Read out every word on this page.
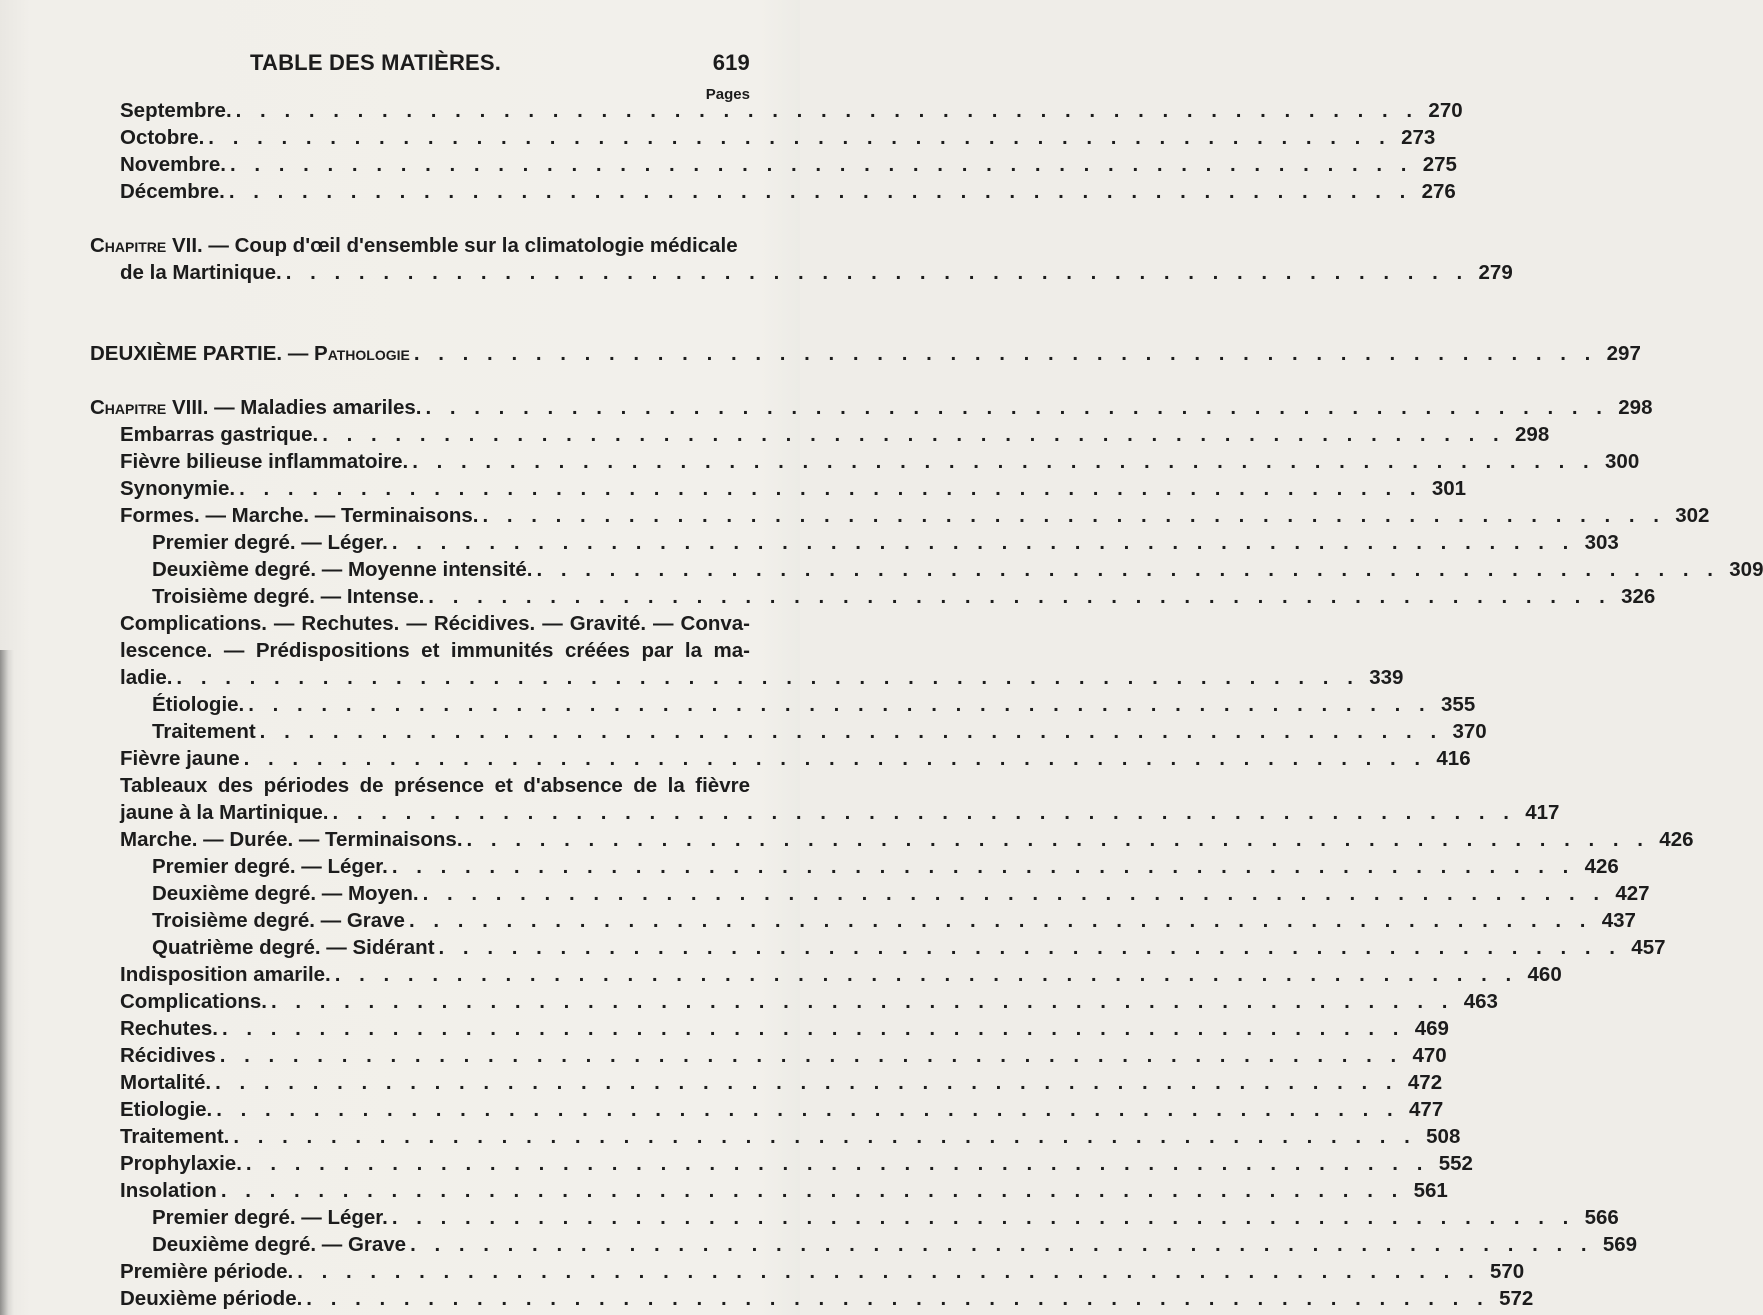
TABLE DES MATIÈRES.	619
Pages
Septembre. . . . . . . . . . . . . . . . . . . . . . . . . . . . . . . . . . . . . . . . . . . . . . . . . . 270
Octobre. . . . . . . . . . . . . . . . . . . . . . . . . . . . . . . . . . . . . . . . . . . . . . . . . . 273
Novembre. . . . . . . . . . . . . . . . . . . . . . . . . . . . . . . . . . . . . . . . . . . . . . . . . . 275
Décembre. . . . . . . . . . . . . . . . . . . . . . . . . . . . . . . . . . . . . . . . . . . . . . . . . . 276
Chapitre VII. — Coup d'œil d'ensemble sur la climatologie médicale
de la Martinique. . . . . . . . . . . . . . . . . . . . . . . . . . . . . . . . . . . . . . . . . . . . . . . . . . 279
DEUXIÈME PARTIE. — Pathologie . . . . . . . . . . . . . . . . . . . . . . . . . . . . . . . . . . . . . . . . . . . . . . . . . 297
Chapitre VIII. — Maladies amariles. . . . . . . . . . . . . . . . . . . . . . . . . . . . . . . . . . . . . . . . . . . . . . . . . . 298
Embarras gastrique. . . . . . . . . . . . . . . . . . . . . . . . . . . . . . . . . . . . . . . . . . . . . . . . . . 298
Fièvre bilieuse inflammatoire. . . . . . . . . . . . . . . . . . . . . . . . . . . . . . . . . . . . . . . . . . . . . . . . . . 300
Synonymie. . . . . . . . . . . . . . . . . . . . . . . . . . . . . . . . . . . . . . . . . . . . . . . . . . 301
Formes. — Marche. — Terminaisons. . . . . . . . . . . . . . . . . . . . . . . . . . . . . . . . . . . . . . . . . . . . . . . . . . 302
Premier degré. — Léger. . . . . . . . . . . . . . . . . . . . . . . . . . . . . . . . . . . . . . . . . . . . . . . . . . 303
Deuxième degré. — Moyenne intensité. . . . . . . . . . . . . . . . . . . . . . . . . . . . . . . . . . . . . . . . . . . . . . . . . . 309
Troisième degré. — Intense. . . . . . . . . . . . . . . . . . . . . . . . . . . . . . . . . . . . . . . . . . . . . . . . . . 326
Complications. — Rechutes. — Récidives. — Gravité. — Conva-
lescence. — Prédispositions et immunités créées par la ma-
ladie. . . . . . . . . . . . . . . . . . . . . . . . . . . . . . . . . . . . . . . . . . . . . . . . . . 339
Étiologie. . . . . . . . . . . . . . . . . . . . . . . . . . . . . . . . . . . . . . . . . . . . . . . . . . 355
Traitement . . . . . . . . . . . . . . . . . . . . . . . . . . . . . . . . . . . . . . . . . . . . . . . . . 370
Fièvre jaune . . . . . . . . . . . . . . . . . . . . . . . . . . . . . . . . . . . . . . . . . . . . . . . . . 416
Tableaux des périodes de présence et d'absence de la fièvre
jaune à la Martinique. . . . . . . . . . . . . . . . . . . . . . . . . . . . . . . . . . . . . . . . . . . . . . . . . . 417
Marche. — Durée. — Terminaisons. . . . . . . . . . . . . . . . . . . . . . . . . . . . . . . . . . . . . . . . . . . . . . . . . . 426
Premier degré. — Léger. . . . . . . . . . . . . . . . . . . . . . . . . . . . . . . . . . . . . . . . . . . . . . . . . . 426
Deuxième degré. — Moyen. . . . . . . . . . . . . . . . . . . . . . . . . . . . . . . . . . . . . . . . . . . . . . . . . . 427
Troisième degré. — Grave . . . . . . . . . . . . . . . . . . . . . . . . . . . . . . . . . . . . . . . . . . . . . . . . . 437
Quatrième degré. — Sidérant . . . . . . . . . . . . . . . . . . . . . . . . . . . . . . . . . . . . . . . . . . . . . . . . . 457
Indisposition amarile. . . . . . . . . . . . . . . . . . . . . . . . . . . . . . . . . . . . . . . . . . . . . . . . . . 460
Complications. . . . . . . . . . . . . . . . . . . . . . . . . . . . . . . . . . . . . . . . . . . . . . . . . . 463
Rechutes. . . . . . . . . . . . . . . . . . . . . . . . . . . . . . . . . . . . . . . . . . . . . . . . . . 469
Récidives . . . . . . . . . . . . . . . . . . . . . . . . . . . . . . . . . . . . . . . . . . . . . . . . . 470
Mortalité. . . . . . . . . . . . . . . . . . . . . . . . . . . . . . . . . . . . . . . . . . . . . . . . . . 472
Etiologie. . . . . . . . . . . . . . . . . . . . . . . . . . . . . . . . . . . . . . . . . . . . . . . . . . 477
Traitement. . . . . . . . . . . . . . . . . . . . . . . . . . . . . . . . . . . . . . . . . . . . . . . . . . 508
Prophylaxie. . . . . . . . . . . . . . . . . . . . . . . . . . . . . . . . . . . . . . . . . . . . . . . . . . 552
Insolation . . . . . . . . . . . . . . . . . . . . . . . . . . . . . . . . . . . . . . . . . . . . . . . . . 561
Premier degré. — Léger. . . . . . . . . . . . . . . . . . . . . . . . . . . . . . . . . . . . . . . . . . . . . . . . . . 566
Deuxième degré. — Grave . . . . . . . . . . . . . . . . . . . . . . . . . . . . . . . . . . . . . . . . . . . . . . . . . 569
Première période. . . . . . . . . . . . . . . . . . . . . . . . . . . . . . . . . . . . . . . . . . . . . . . . . . 570
Deuxième période. . . . . . . . . . . . . . . . . . . . . . . . . . . . . . . . . . . . . . . . . . . . . . . . . . 572
